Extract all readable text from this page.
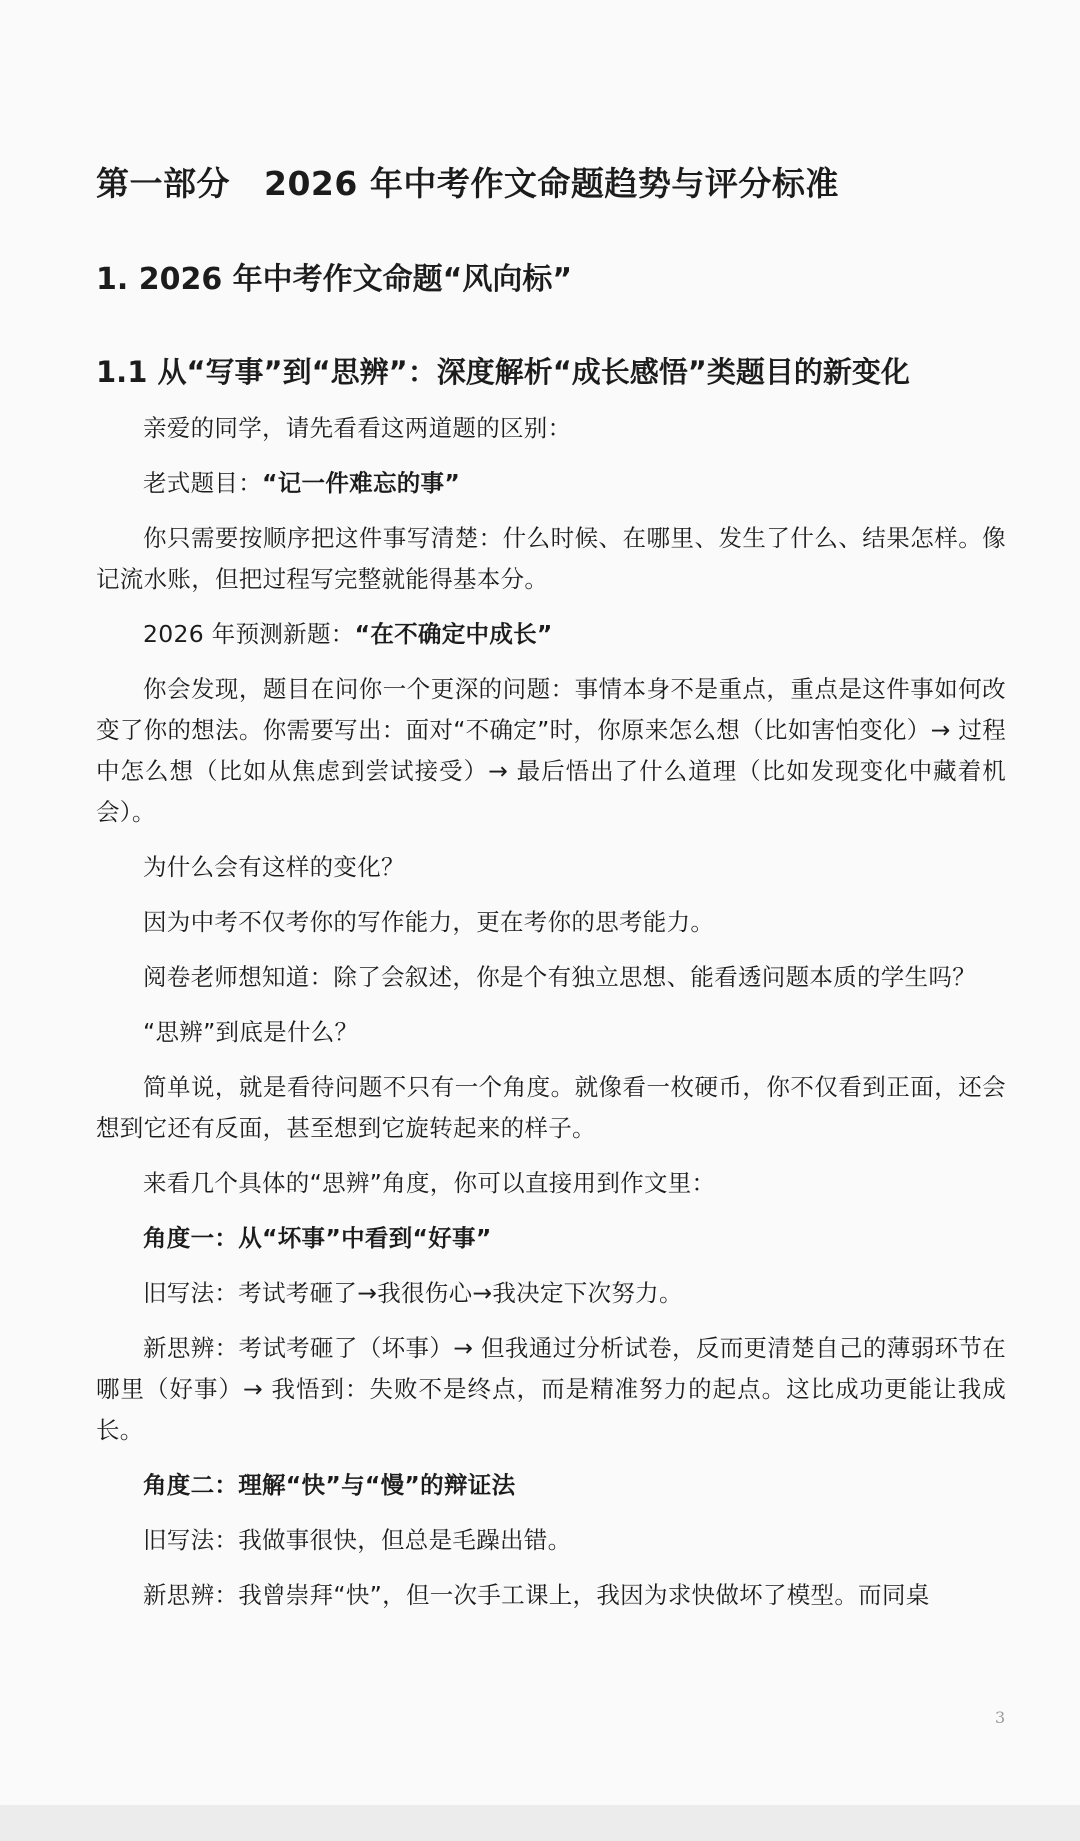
第一部分 2026 年中考作文命题趋势与评分标准
1. 2026 年中考作文命题“风向标”
1.1 从“写事”到“思辨”：深度解析“成长感悟”类题目的新变化

亲爱的同学，请先看看这两道题的区别：

老式题目：“记一件难忘的事”

你只需要按顺序把这件事写清楚：什么时候、在哪里、发生了什么、结果怎样。像记流水账，但把过程写完整就能得基本分。

2026 年预测新题：“在不确定中成长”

你会发现，题目在问你一个更深的问题：事情本身不是重点，重点是这件事如何改变了你的想法。你需要写出：面对“不确定”时，你原来怎么想（比如害怕变化）→ 过程中怎么想（比如从焦虑到尝试接受）→ 最后悟出了什么道理（比如发现变化中藏着机会）。

为什么会有这样的变化？

因为中考不仅考你的写作能力，更在考你的思考能力。

阅卷老师想知道：除了会叙述，你是个有独立思想、能看透问题本质的学生吗？

“思辨”到底是什么？

简单说，就是看待问题不只有一个角度。就像看一枚硬币，你不仅看到正面，还会想到它还有反面，甚至想到它旋转起来的样子。

来看几个具体的“思辨”角度，你可以直接用到作文里：

角度一：从“坏事”中看到“好事”

旧写法：考试考砸了→我很伤心→我决定下次努力。

新思辨：考试考砸了（坏事）→ 但我通过分析试卷，反而更清楚自己的薄弱环节在哪里（好事）→ 我悟到：失败不是终点，而是精准努力的起点。这比成功更能让我成长。

角度二：理解“快”与“慢”的辩证法

旧写法：我做事很快，但总是毛躁出错。

新思辨：我曾崇拜“快”，但一次手工课上，我因为求快做坏了模型。而同桌

3
